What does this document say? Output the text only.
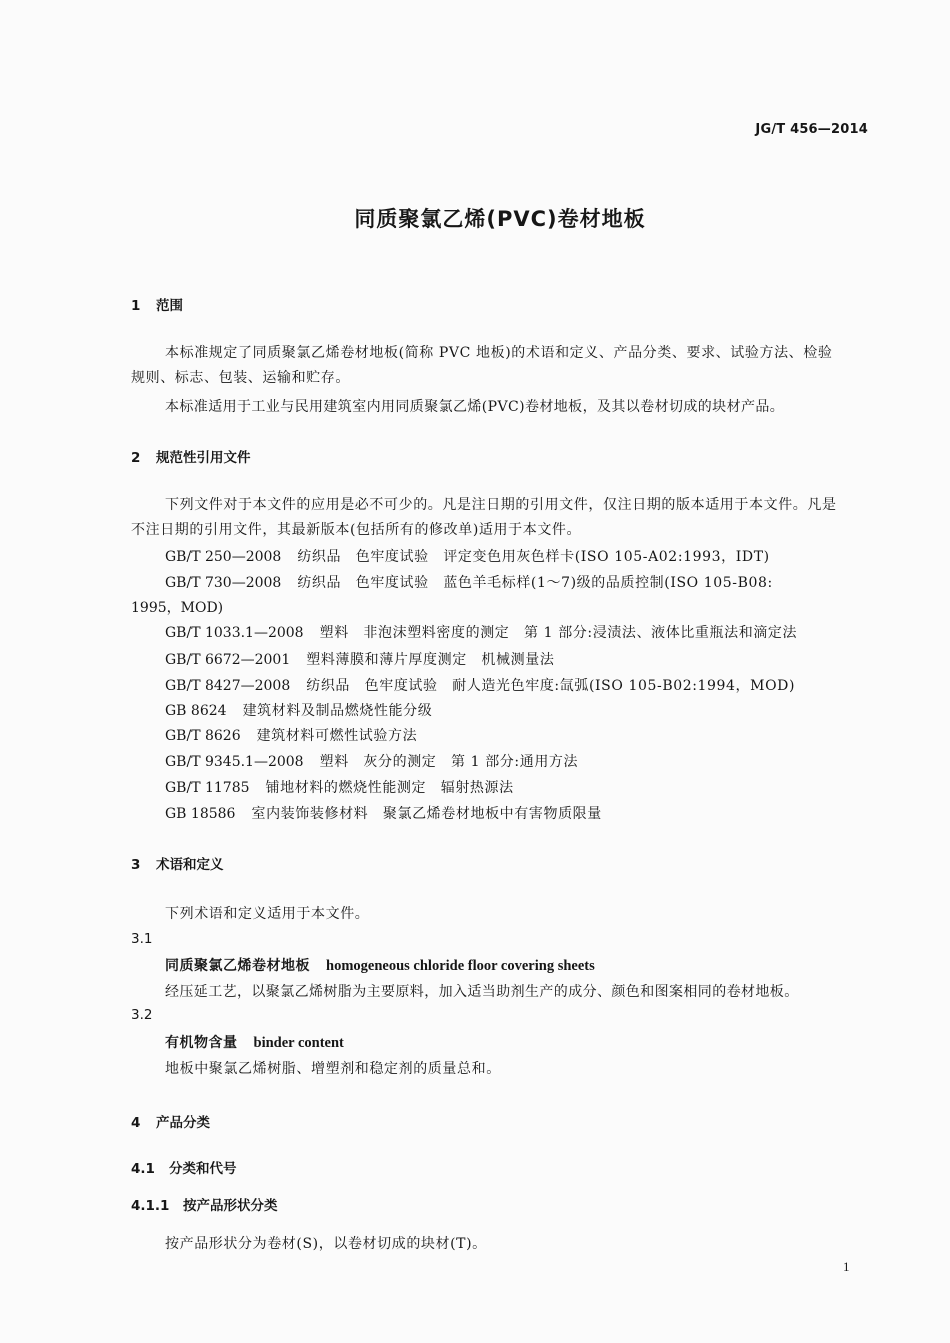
JG/T 456—2014
同质聚氯乙烯(PVC)卷材地板
1 范围
本标准规定了同质聚氯乙烯卷材地板(简称 PVC 地板)的术语和定义、产品分类、要求、试验方法、检验规则、标志、包装、运输和贮存。
本标准适用于工业与民用建筑室内用同质聚氯乙烯(PVC)卷材地板，及其以卷材切成的块材产品。
2 规范性引用文件
下列文件对于本文件的应用是必不可少的。凡是注日期的引用文件，仅注日期的版本适用于本文件。凡是不注日期的引用文件，其最新版本(包括所有的修改单)适用于本文件。
GB/T 250—2008 纺织品　色牢度试验　评定变色用灰色样卡(ISO 105-A02:1993，IDT)
GB/T 730—2008 纺织品　色牢度试验　蓝色羊毛标样(1～7)级的品质控制(ISO 105-B08:
1995，MOD)
GB/T 1033.1—2008 塑料　非泡沫塑料密度的测定　第 1 部分:浸渍法、液体比重瓶法和滴定法
GB/T 6672—2001 塑料薄膜和薄片厚度测定　机械测量法
GB/T 8427—2008 纺织品　色牢度试验　耐人造光色牢度:氙弧(ISO 105-B02:1994，MOD)
GB 8624 建筑材料及制品燃烧性能分级
GB/T 8626 建筑材料可燃性试验方法
GB/T 9345.1—2008 塑料　灰分的测定　第 1 部分:通用方法
GB/T 11785 铺地材料的燃烧性能测定　辐射热源法
GB 18586 室内装饰装修材料　聚氯乙烯卷材地板中有害物质限量
3 术语和定义
下列术语和定义适用于本文件。
3.1
同质聚氯乙烯卷材地板 homogeneous chloride floor covering sheets
经压延工艺，以聚氯乙烯树脂为主要原料，加入适当助剂生产的成分、颜色和图案相同的卷材地板。
3.2
有机物含量 binder content
地板中聚氯乙烯树脂、增塑剂和稳定剂的质量总和。
4 产品分类
4.1 分类和代号
4.1.1 按产品形状分类
按产品形状分为卷材(S)，以卷材切成的块材(T)。
1
